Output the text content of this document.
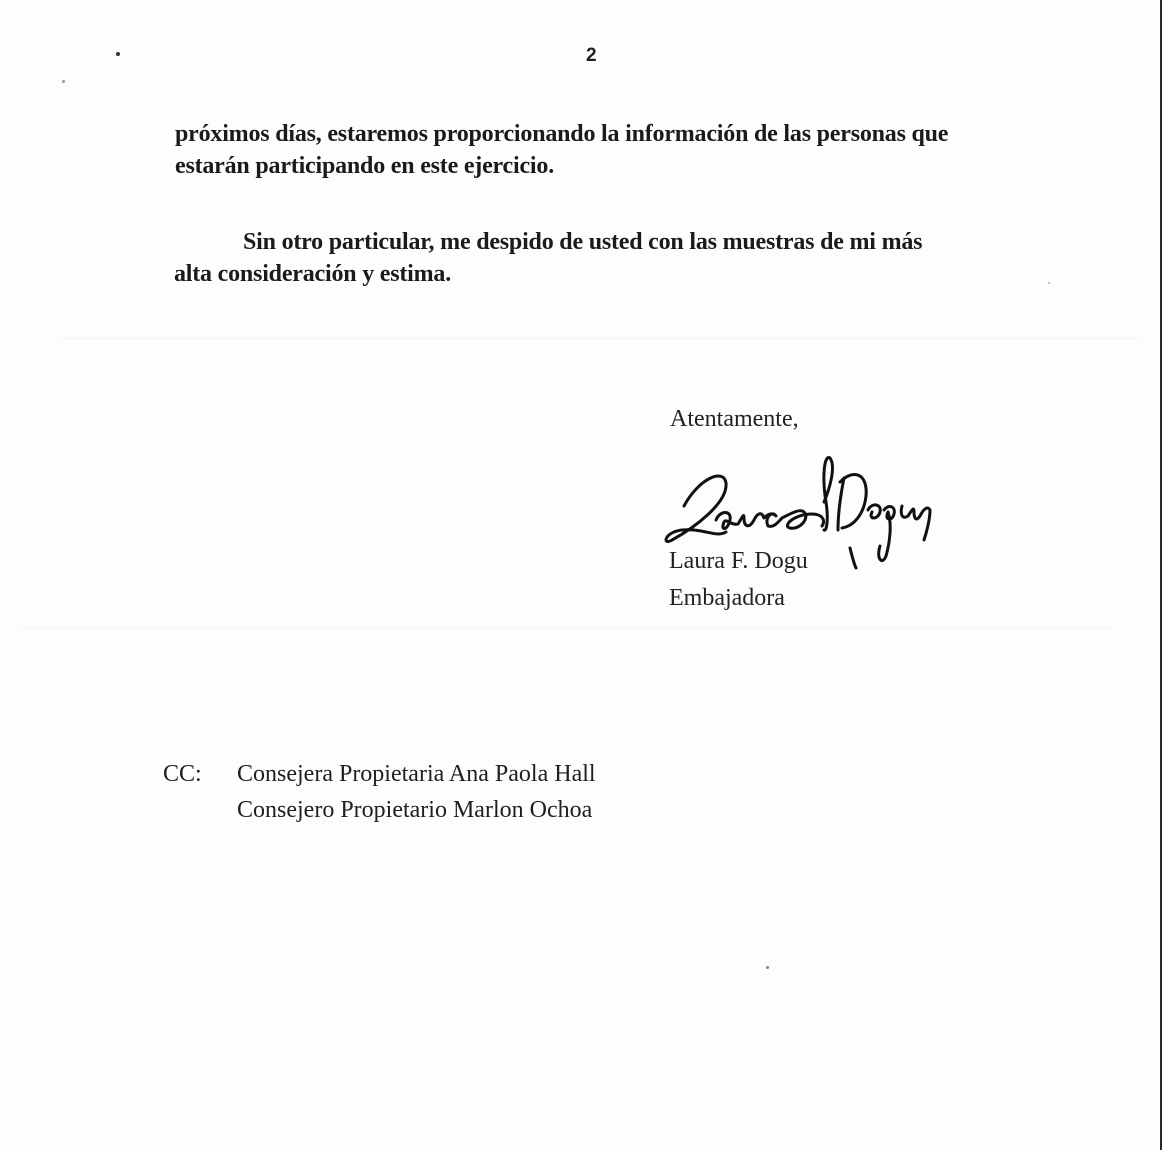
2
próximos días, estaremos proporcionando la información de las personas que
estarán participando en este ejercicio.
Sin otro particular, me despido de usted con las muestras de mi más
alta consideración y estima.
Atentamente,
Laura F. Dogu
Embajadora
CC: Consejera Propietaria Ana Paola Hall
Consejero Propietario Marlon Ochoa
